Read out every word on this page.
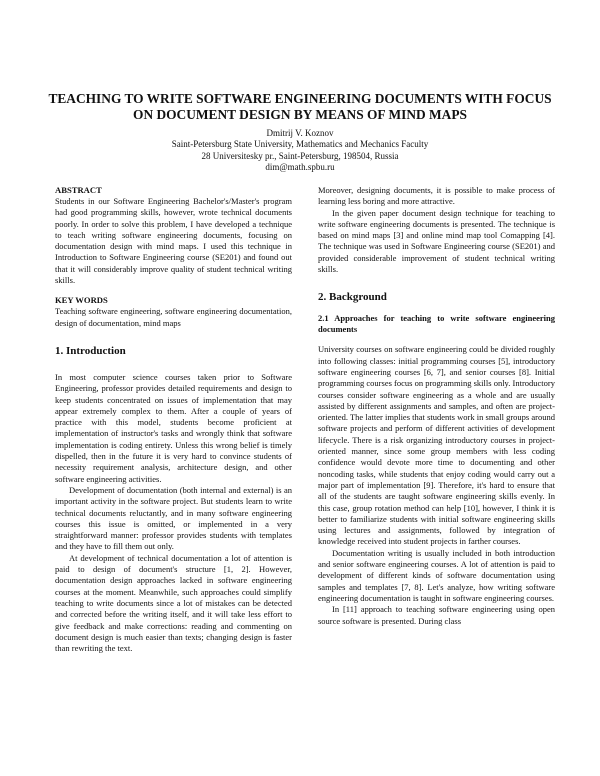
TEACHING TO WRITE SOFTWARE ENGINEERING DOCUMENTS WITH FOCUS ON DOCUMENT DESIGN BY MEANS OF MIND MAPS
Dmitrij V. Koznov
Saint-Petersburg State University, Mathematics and Mechanics Faculty
28 Universitesky pr., Saint-Petersburg, 198504, Russia
dim@math.spbu.ru
ABSTRACT

Students in our Software Engineering Bachelor's/Master's program had good programming skills, however, wrote technical documents poorly. In order to solve this problem, I have developed a technique to teach writing software engineering documents, focusing on documentation design with mind maps. I used this technique in Introduction to Software Engineering course (SE201) and found out that it will considerably improve quality of student technical writing skills.

KEY WORDS

Teaching software engineering, software engineering documentation, design of documentation, mind maps

1. Introduction

In most computer science courses taken prior to Software Engineering, professor provides detailed requirements and design to keep students concentrated on issues of implementation that may appear extremely complex to them. After a couple of years of practice with this model, students become proficient at implementation of instructor's tasks and wrongly think that software implementation is coding entirety. Unless this wrong belief is timely dispelled, then in the future it is very hard to convince students of necessity requirement analysis, architecture design, and other software engineering activities.

Development of documentation (both internal and external) is an important activity in the software project. But students learn to write technical documents reluctantly, and in many software engineering courses this issue is omitted, or implemented in a very straightforward manner: professor provides students with templates and they have to fill them out only.

At development of technical documentation a lot of attention is paid to design of document's structure [1, 2]. However, documentation design approaches lacked in software engineering courses at the moment. Meanwhile, such approaches could simplify teaching to write documents since a lot of mistakes can be detected and corrected before the writing itself, and it will take less effort to give feedback and make corrections: reading and commenting on document design is much easier than texts; changing design is faster than rewriting the text.

Moreover, designing documents, it is possible to make process of learning less boring and more attractive.

In the given paper document design technique for teaching to write software engineering documents is presented. The technique is based on mind maps [3] and online mind map tool Comapping [4]. The technique was used in Software Engineering course (SE201) and provided considerable improvement of student technical writing skills.

2. Background
2.1 Approaches for teaching to write software engineering documents

University courses on software engineering could be divided roughly into following classes: initial programming courses [5], introductory software engineering courses [6, 7], and senior courses [8]. Initial programming courses focus on programming skills only. Introductory courses consider software engineering as a whole and are usually assisted by different assignments and samples, and often are project-oriented. The latter implies that students work in small groups around software projects and perform of different activities of development lifecycle. There is a risk organizing introductory courses in project-oriented manner, since some group members with less coding confidence would devote more time to documenting and other noncoding tasks, while students that enjoy coding would carry out a major part of implementation [9]. Therefore, it's hard to ensure that all of the students are taught software engineering skills evenly. In this case, group rotation method can help [10], however, I think it is better to familiarize students with initial software engineering skills using lectures and assignments, followed by integration of knowledge received into student projects in farther courses.

Documentation writing is usually included in both introduction and senior software engineering courses. A lot of attention is paid to development of different kinds of software documentation using samples and templates [7, 8]. Let's analyze, how writing software engineering documentation is taught in software engineering courses.

In [11] approach to teaching software engineering using open source software is presented. During class
